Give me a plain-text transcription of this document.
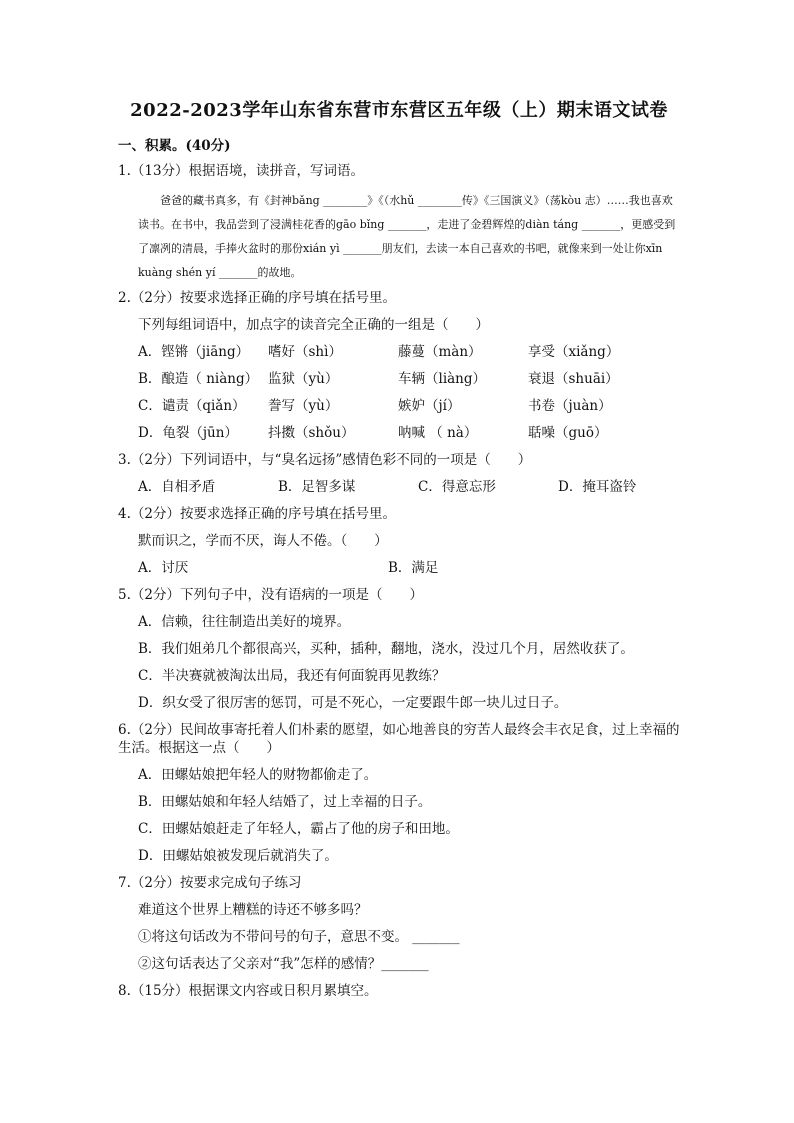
2022-2023学年山东省东营市东营区五年级（上）期末语文试卷
一、积累。(40分)
1.（13分）根据语境，读拼音，写词语。
爸爸的藏书真多，有《封神bǎng ________》《（水hǔ ________传》《三国演义》（荡kòu 志）……我也喜欢读书。在书中，我品尝到了浸满桂花香的gāo bǐng _______，走进了金碧辉煌的diàn táng _______，更感受到了凛冽的清晨，手捧火盆时的那份xián yì _______朋友们，去读一本自己喜欢的书吧，就像来到一处让你xīn kuàng shén yí _______的故地。
2.（2分）按要求选择正确的序号填在括号里。
下列每组词语中，加点字的读音完全正确的一组是（　　）
A．铿锵（jiāng） 嗜好（shì）	藤蔓（màn）	享受（xiǎng）
B．酿造（ niàng） 监狱（yù）	车辆（liàng）	衰退（shuāi）
C．谴责（qiǎn） 誊写（yù）	嫉妒（jí）	书卷（juàn）
D．龟裂（jūn） 抖擞（shǒu）	呐喊 （ nà）	聒噪（guō）
3.（2分）下列词语中，与“臭名远扬”感情色彩不同的一项是（　　）
A．自相矛盾	B．足智多谋	C．得意忘形	D．掩耳盗铃
4.（2分）按要求选择正确的序号填在括号里。
默而识之，学而不厌，诲人不倦。（　　）
A．讨厌	B．满足
5.（2分）下列句子中，没有语病的一项是（　　）
A．信赖，往往制造出美好的境界。
B．我们姐弟几个都很高兴，买种，插种，翻地，浇水，没过几个月，居然收获了。
C．半决赛就被淘汰出局，我还有何面貌再见教练？
D．织女受了很厉害的惩罚，可是不死心，一定要跟牛郎一块儿过日子。
6.（2分）民间故事寄托着人们朴素的愿望，如心地善良的穷苦人最终会丰衣足食，过上幸福的生活。根据这一点（　　）
A．田螺姑娘把年轻人的财物都偷走了。
B．田螺姑娘和年轻人结婚了，过上幸福的日子。
C．田螺姑娘赶走了年轻人，霸占了他的房子和田地。
D．田螺姑娘被发现后就消失了。
7.（2分）按要求完成句子练习
难道这个世界上糟糕的诗还不够多吗？
①将这句话改为不带问号的句子，意思不变。 _______
②这句话表达了父亲对“我”怎样的感情？_______
8.（15分）根据课文内容或日积月累填空。
